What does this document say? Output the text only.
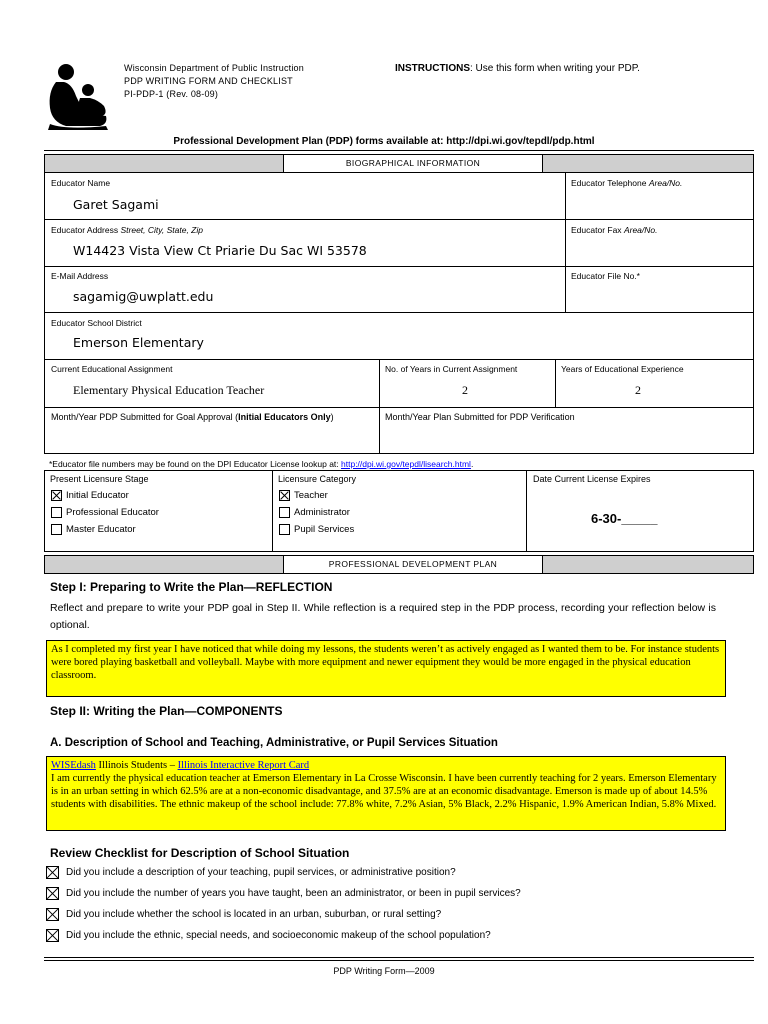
Wisconsin Department of Public Instruction
PDP WRITING FORM AND CHECKLIST
PI-PDP-1 (Rev. 08-09)
INSTRUCTIONS: Use this form when writing your PDP.
Professional Development Plan (PDP) forms available at: http://dpi.wi.gov/tepdl/pdp.html
BIOGRAPHICAL INFORMATION
Educator Name
Garet Sagami
Educator Telephone Area/No.
Educator Address Street, City, State, Zip
W14423 Vista View Ct Priarie Du Sac WI 53578
Educator Fax Area/No.
E-Mail Address
sagamig@uwplatt.edu
Educator File No.*
Educator School District
Emerson Elementary
Current Educational Assignment
Elementary Physical Education Teacher
No. of Years in Current Assignment
2
Years of Educational Experience
2
Month/Year PDP Submitted for Goal Approval (Initial Educators Only)	Month/Year Plan Submitted for PDP Verification
*Educator file numbers may be found on the DPI Educator License lookup at: http://dpi.wi.gov/tepdl/lisearch.html.
Present Licensure Stage
Initial Educator
Professional Educator
Master Educator
Licensure Category
Teacher
Administrator
Pupil Services
Date Current License Expires
6-30-_____
PROFESSIONAL DEVELOPMENT PLAN
Step I: Preparing to Write the Plan—REFLECTION
Reflect and prepare to write your PDP goal in Step II. While reflection is a required step in the PDP process, recording your reflection below is optional.
As I completed my first year I have noticed that while doing my lessons, the students weren’t as actively engaged as I wanted them to be. For instance students were bored playing basketball and volleyball. Maybe with more equipment and newer equipment they would be more engaged in the physical education classroom.
Step II: Writing the Plan—COMPONENTS
A. Description of School and Teaching, Administrative, or Pupil Services Situation
WISEdash Illinois Students – Illinois Interactive Report Card
I am currently the physical education teacher at Emerson Elementary in La Crosse Wisconsin. I have been currently teaching for 2 years. Emerson Elementary is in an urban setting in which 62.5% are at a non-economic disadvantage, and 37.5% are at an economic disadvantage. Emerson is made up of about 14.5% students with disabilities. The ethnic makeup of the school include: 77.8% white, 7.2% Asian, 5% Black, 2.2% Hispanic, 1.9% American Indian, 5.8% Mixed.
Review Checklist for Description of School Situation
Did you include a description of your teaching, pupil services, or administrative position?
Did you include the number of years you have taught, been an administrator, or been in pupil services?
Did you include whether the school is located in an urban, suburban, or rural setting?
Did you include the ethnic, special needs, and socioeconomic makeup of the school population?
PDP Writing Form—2009
